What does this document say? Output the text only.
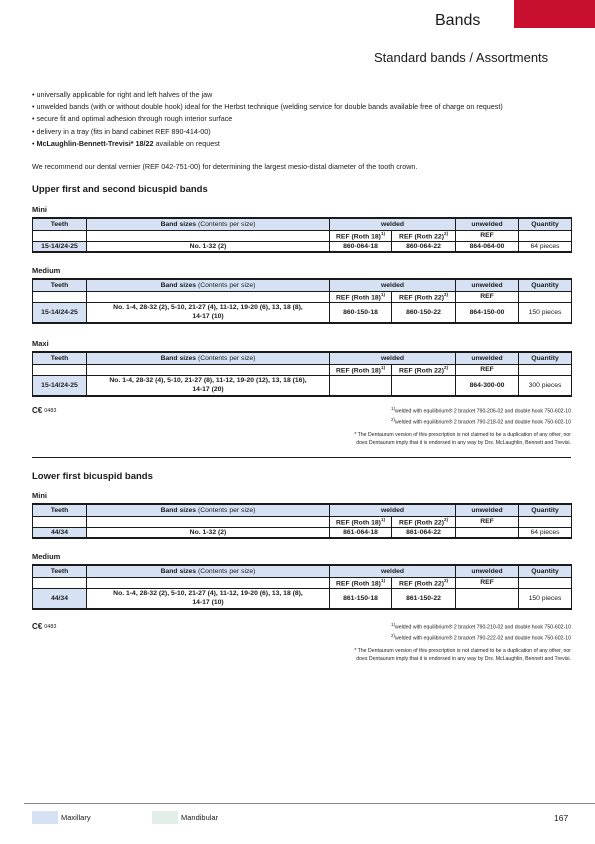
Bands
Standard bands / Assortments
• universally applicable for right and left halves of the jaw
• unwelded bands (with or without double hook) ideal for the Herbst technique (welding service for double bands available free of charge on request)
• secure fit and optimal adhesion through rough interior surface
• delivery in a tray (fits in band cabinet REF 890-414-00)
• McLaughlin-Bennett-Trevisi* 18/22 available on request
We recommend our dental vernier (REF 042-751-00) for determining the largest mesio-distal diameter of the tooth crown.
Upper first and second bicuspid bands
Mini
Teeth	Band sizes (Contents per size)	welded		unwelded	Quantity
		REF (Roth 18)$^{1)}$	REF (Roth 22)$^{2)}$	REF	
15-14/24-25	No. 1-32 (2)	860-064-18	860-064-22	864-064-00	64 pieces
Medium
Teeth	Band sizes (Contents per size)	welded		unwelded	Quantity
		REF (Roth 18)$^{1)}$	REF (Roth 22)$^{2)}$	REF	
15-14/24-25	No. 1-4, 28-32 (2), 5-10, 21-27 (4), 11-12, 19-20 (6), 13, 18 (8),
14-17 (10)	860-150-18	860-150-22	864-150-00	150 pieces
Maxi
Teeth	Band sizes (Contents per size)	welded		unwelded	Quantity
		REF (Roth 18)$^{1)}$	REF (Roth 22)$^{2)}$	REF	
15-14/24-25	No. 1-4, 28-32 (4), 5-10, 21-27 (8), 11-12, 19-20 (12), 13, 18 (16),
14-17 (20)			864-300-00	300 pieces
C€ 0483	$^{1)}$welded with equilibrium® 2 bracket 790-206-02 and double hook 750-602-10
$^{2)}$welded with equilibrium® 2 bracket 790-218-02 and double hook 750-602-10
* The Dentaurum version of this prescription is not claimed to be a duplication of any other, nor
does Dentaurum imply that it is endorsed in any way by Drs. McLaughlin, Bennett and Trevisi.
Lower first bicuspid bands
Mini
Teeth	Band sizes (Contents per size)	welded		unwelded	Quantity
		REF (Roth 18)$^{1)}$	REF (Roth 22)$^{2)}$	REF	
44/34	No. 1-32 (2)	861-064-18	861-064-22		64 pieces
Medium
Teeth	Band sizes (Contents per size)	welded		unwelded	Quantity
		REF (Roth 18)$^{1)}$	REF (Roth 22)$^{2)}$	REF	
44/34	No. 1-4, 28-32 (2), 5-10, 21-27 (4), 11-12, 19-20 (6), 13, 18 (8),
14-17 (10)	861-150-18	861-150-22		150 pieces
C€ 0483	$^{1)}$welded with equilibrium® 2 bracket 790-210-02 and double hook 750-602-10
$^{2)}$welded with equilibrium® 2 bracket 790-222-02 and double hook 750-602-10
* The Dentaurum version of this prescription is not claimed to be a duplication of any other, nor
does Dentaurum imply that it is endorsed in any way by Drs. McLaughlin, Bennett and Trevisi.
Maxillary	Mandibular	167
